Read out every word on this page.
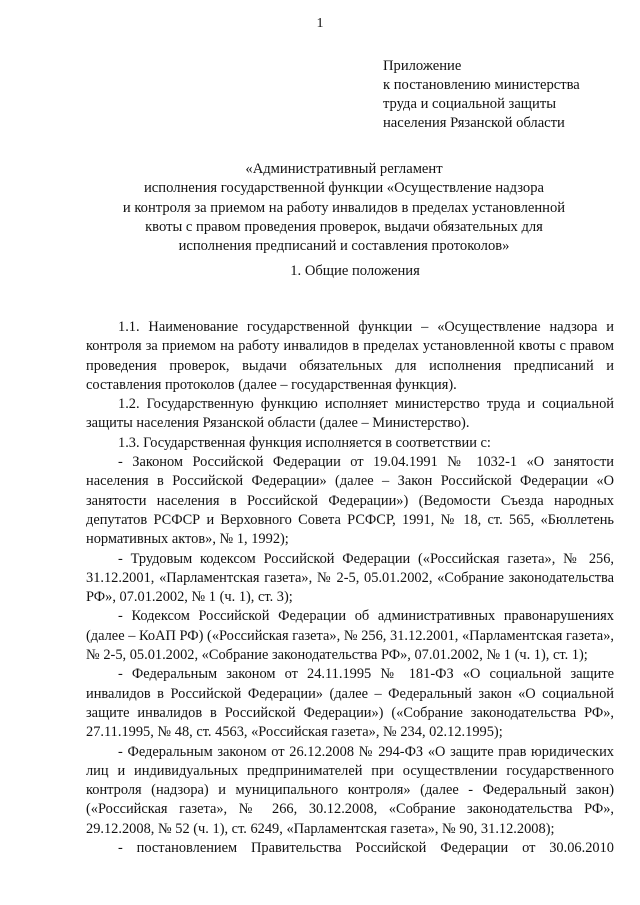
1
Приложение
к постановлению министерства
труда и социальной защиты
населения Рязанской области
«Административный регламент
исполнения государственной функции «Осуществление надзора
и контроля за приемом на работу инвалидов в пределах установленной
квоты с правом проведения проверок, выдачи обязательных для
исполнения предписаний и составления протоколов»
1. Общие положения

1.1. Наименование государственной функции – «Осуществление надзора и контроля за приемом на работу инвалидов в пределах установленной квоты с правом проведения проверок, выдачи обязательных для исполнения предписаний и составления протоколов (далее – государственная функция).

1.2. Государственную функцию исполняет министерство труда и социальной защиты населения Рязанской области (далее – Министерство).

1.3. Государственная функция исполняется в соответствии с:

- Законом Российской Федерации от 19.04.1991 № 1032-1 «О занятости населения в Российской Федерации» (далее – Закон Российской Федерации «О занятости населения в Российской Федерации») (Ведомости Съезда народных депутатов РСФСР и Верховного Совета РСФСР, 1991, № 18, ст. 565, «Бюллетень нормативных актов», № 1, 1992);

- Трудовым кодексом Российской Федерации («Российская газета», № 256, 31.12.2001, «Парламентская газета», № 2-5, 05.01.2002, «Собрание законодательства РФ», 07.01.2002, № 1 (ч. 1), ст. 3);

- Кодексом Российской Федерации об административных правонарушениях (далее – КоАП РФ) («Российская газета», № 256, 31.12.2001, «Парламентская газета», № 2-5, 05.01.2002, «Собрание законодательства РФ», 07.01.2002, № 1 (ч. 1), ст. 1);

- Федеральным законом от 24.11.1995 № 181-ФЗ «О социальной защите инвалидов в Российской Федерации» (далее – Федеральный закон «О социальной защите инвалидов в Российской Федерации») («Собрание законодательства РФ», 27.11.1995, № 48, ст. 4563, «Российская газета», № 234, 02.12.1995);

- Федеральным законом от 26.12.2008 № 294-ФЗ «О защите прав юридических лиц и индивидуальных предпринимателей при осуществлении государственного контроля (надзора) и муниципального контроля» (далее - Федеральный закон) («Российская газета», № 266, 30.12.2008, «Собрание законодательства РФ», 29.12.2008, № 52 (ч. 1), ст. 6249, «Парламентская газета», № 90, 31.12.2008);

- постановлением Правительства Российской Федерации от 30.06.2010
